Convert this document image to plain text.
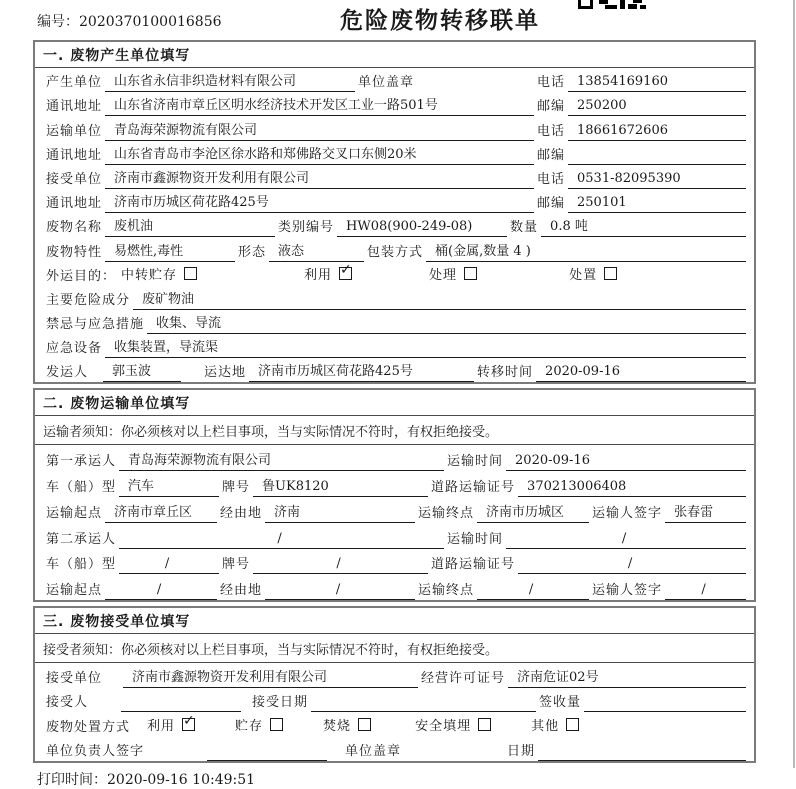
编号：2020370100016856	危险废物转移联单
一. 废物产生单位填写
产生单位 山东省永信非织造材料有限公司	单位盖章	电话 13854169160
通讯地址 山东省济南市章丘区明水经济技术开发区工业一路501号	邮编 250200
运输单位 青岛海荣源物流有限公司	电话 18661672606
通讯地址 山东省青岛市李沧区徐水路和郑佛路交叉口东侧20米	邮编
接受单位 济南市鑫源物资开发利用有限公司	电话 0531-82095390
通讯地址 济南市历城区荷花路425号	邮编 250101
废物名称 废机油	类别编号 HW08(900-249-08)	数量 0.8 吨
废物特性 易燃性,毒性	形态 液态	包装方式 桶(金属,数量 4 )
外运目的： 中转贮存	利用 ✓	处理	处置
主要危险成分 废矿物油
禁忌与应急措施 收集、导流
应急设备 收集装置，导流渠
发运人	郭玉波	运达地 济南市历城区荷花路425号	转移时间 2020-09-16
二. 废物运输单位填写
运输者须知：你必须核对以上栏目事项，当与实际情况不符时，有权拒绝接受。
第一承运人 青岛海荣源物流有限公司	运输时间 2020-09-16
车（船）型 汽车	牌号 鲁UK8120	道路运输证号 370213006408
运输起点 济南市章丘区	经由地 济南	运输终点 济南市历城区	运输人签字 张春雷
第二承运人	/	运输时间	/
车（船）型	/	牌号	/	道路运输证号	/
运输起点	/	经由地	/	运输终点	/	运输人签字	/
三. 废物接受单位填写
接受者须知：你必须核对以上栏目事项，当与实际情况不符时，有权拒绝接受。
接受单位	济南市鑫源物资开发利用有限公司	经营许可证号 济南危证02号
接受人	接受日期	签收量
废物处置方式 利用 ✓	贮存	焚烧	安全填埋	其他
单位负责人签字	单位盖章	日期
打印时间：2020-09-16 10:49:51
